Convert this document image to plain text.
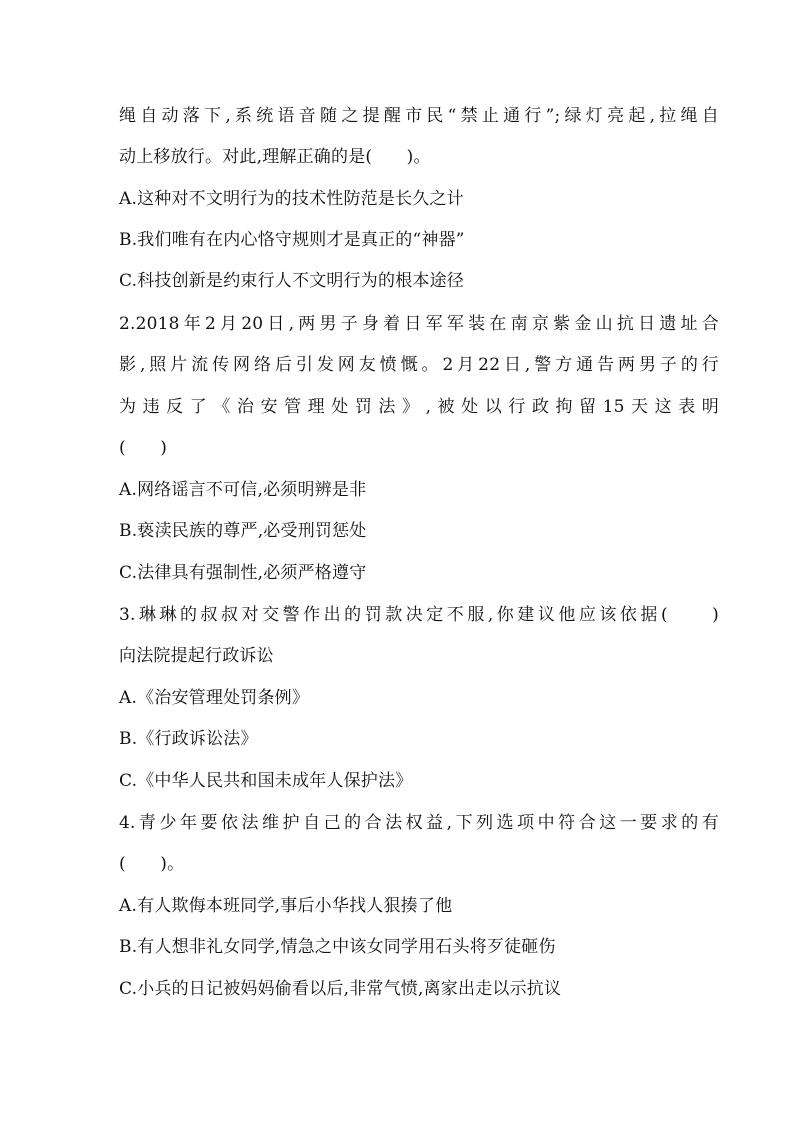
绳自动落下,系统语音随之提醒市民“禁止通行”;绿灯亮起,拉绳自
动上移放行。对此,理解正确的是(　　)。
A.这种对不文明行为的技术性防范是长久之计
B.我们唯有在内心恪守规则才是真正的“神器”
C.科技创新是约束行人不文明行为的根本途径
2.2018年2月20日,两男子身着日军军装在南京紫金山抗日遗址合
影,照片流传网络后引发网友愤慨。2月22日,警方通告两男子的行
为违反了《治安管理处罚法》,被处以行政拘留15天这表明
(　　)
A.网络谣言不可信,必须明辨是非
B.亵渎民族的尊严,必受刑罚惩处
C.法律具有强制性,必须严格遵守
3.琳琳的叔叔对交警作出的罚款决定不服,你建议他应该依据(　　)
向法院提起行政诉讼
A.《治安管理处罚条例》
B.《行政诉讼法》
C.《中华人民共和国未成年人保护法》
4.青少年要依法维护自己的合法权益,下列选项中符合这一要求的有
(　　)。
A.有人欺侮本班同学,事后小华找人狠揍了他
B.有人想非礼女同学,情急之中该女同学用石头将歹徒砸伤
C.小兵的日记被妈妈偷看以后,非常气愤,离家出走以示抗议
